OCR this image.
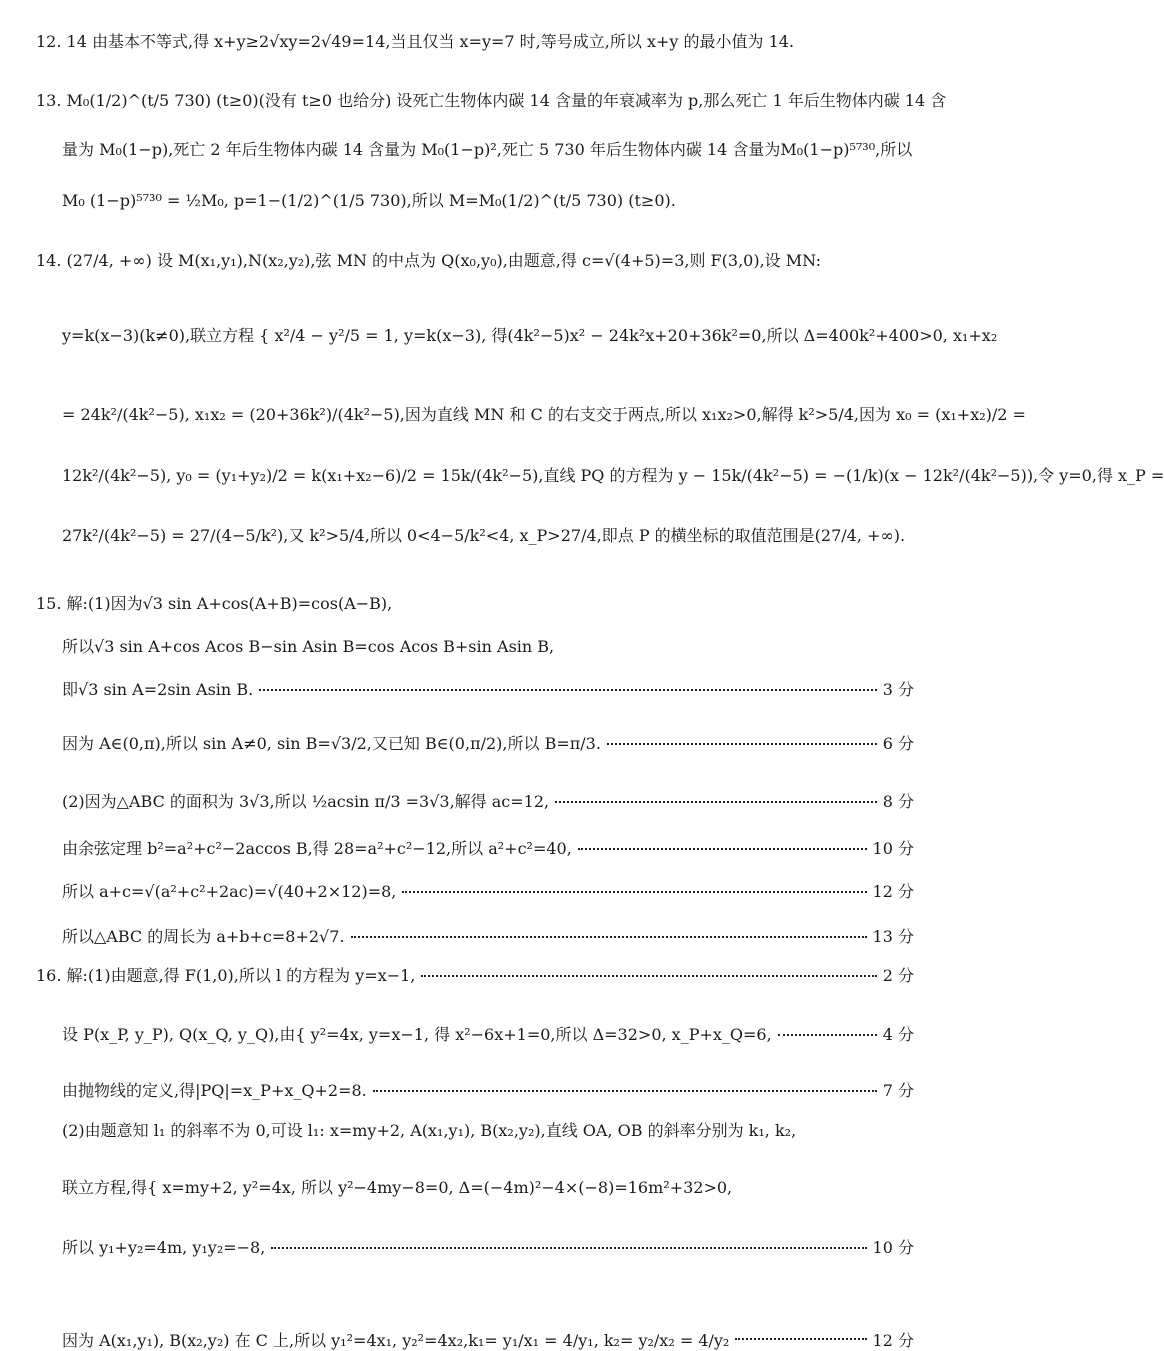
12. 14 由基本不等式,得 x+y≥2√xy=2√49=14,当且仅当 x=y=7 时,等号成立,所以 x+y 的最小值为 14.
13. M₀(1/2)^(t/5 730) (t≥0)(没有 t≥0 也给分) 设死亡生物体内碳 14 含量的年衰减率为 p,那么死亡 1 年后生物体内碳 14 含
量为 M₀(1−p),死亡 2 年后生物体内碳 14 含量为 M₀(1−p)²,死亡 5 730 年后生物体内碳 14 含量为M₀(1−p)⁵⁷³⁰,所以
M₀ (1−p)⁵⁷³⁰ = ½M₀, p=1−(1/2)^(1/5 730),所以 M=M₀(1/2)^(t/5 730) (t≥0).
14. (27/4, +∞) 设 M(x₁,y₁),N(x₂,y₂),弦 MN 的中点为 Q(x₀,y₀),由题意,得 c=√(4+5)=3,则 F(3,0),设 MN:
y=k(x−3)(k≠0),联立方程 { x²/4 − y²/5 = 1, y=k(x−3), 得(4k²−5)x² − 24k²x+20+36k²=0,所以 Δ=400k²+400>0, x₁+x₂
= 24k²/(4k²−5), x₁x₂ = (20+36k²)/(4k²−5),因为直线 MN 和 C 的右支交于两点,所以 x₁x₂>0,解得 k²>5/4,因为 x₀ = (x₁+x₂)/2 =
12k²/(4k²−5), y₀ = (y₁+y₂)/2 = k(x₁+x₂−6)/2 = 15k/(4k²−5),直线 PQ 的方程为 y − 15k/(4k²−5) = −(1/k)(x − 12k²/(4k²−5)),令 y=0,得 x_P =
27k²/(4k²−5) = 27/(4−5/k²),又 k²>5/4,所以 0<4−5/k²<4, x_P>27/4,即点 P 的横坐标的取值范围是(27/4, +∞).
15. 解:(1)因为√3 sin A+cos(A+B)=cos(A−B),
所以√3 sin A+cos Acos B−sin Asin B=cos Acos B+sin Asin B,
即√3 sin A=2sin Asin B.	3 分
因为 A∈(0,π),所以 sin A≠0, sin B=√3/2,又已知 B∈(0,π/2),所以 B=π/3.	6 分
(2)因为△ABC 的面积为 3√3,所以 ½acsin π/3 =3√3,解得 ac=12,	8 分
由余弦定理 b²=a²+c²−2accos B,得 28=a²+c²−12,所以 a²+c²=40,	10 分
所以 a+c=√(a²+c²+2ac)=√(40+2×12)=8,	12 分
所以△ABC 的周长为 a+b+c=8+2√7.	13 分
16. 解:(1)由题意,得 F(1,0),所以 l 的方程为 y=x−1,	2 分
设 P(x_P, y_P), Q(x_Q, y_Q),由{ y²=4x, y=x−1, 得 x²−6x+1=0,所以 Δ=32>0, x_P+x_Q=6,	4 分
由抛物线的定义,得|PQ|=x_P+x_Q+2=8.	7 分
(2)由题意知 l₁ 的斜率不为 0,可设 l₁: x=my+2, A(x₁,y₁), B(x₂,y₂),直线 OA, OB 的斜率分别为 k₁, k₂,
联立方程,得{ x=my+2, y²=4x, 所以 y²−4my−8=0, Δ=(−4m)²−4×(−8)=16m²+32>0,
所以 y₁+y₂=4m, y₁y₂=−8,	10 分
因为 A(x₁,y₁), B(x₂,y₂) 在 C 上,所以 y₁²=4x₁, y₂²=4x₂,k₁= y₁/x₁ = 4/y₁, k₂= y₂/x₂ = 4/y₂	12 分
